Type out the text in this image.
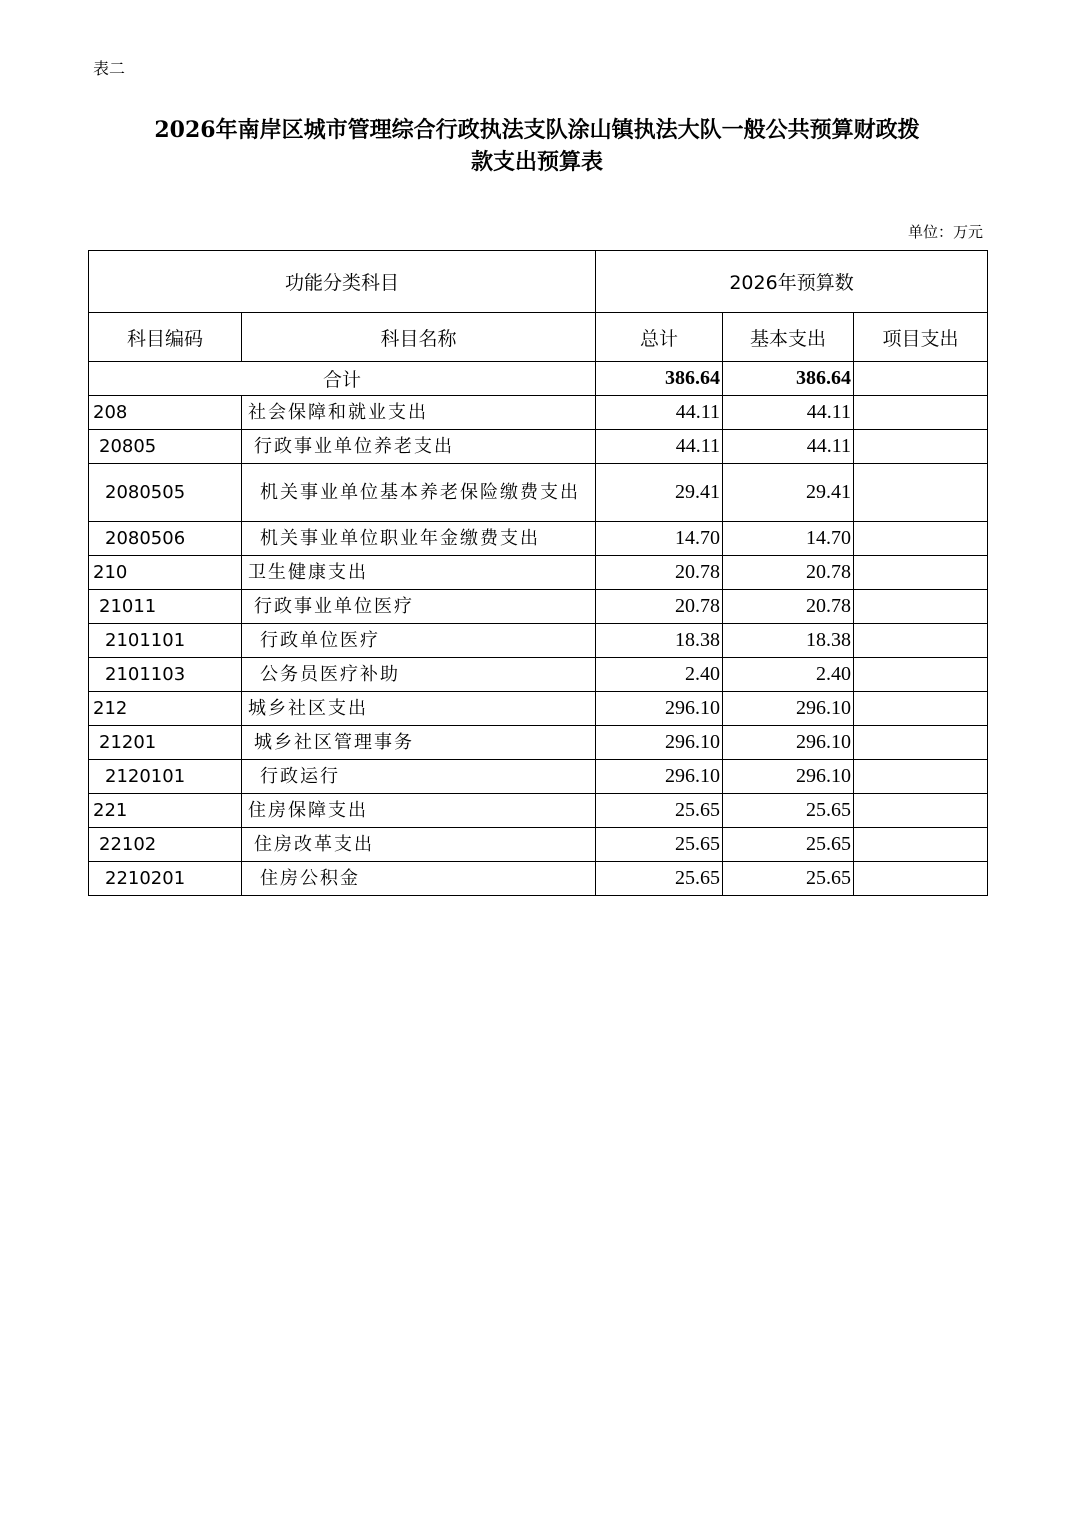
表二
2026年南岸区城市管理综合行政执法支队涂山镇执法大队一般公共预算财政拨
款支出预算表
单位：万元
功能分类科目		2026年预算数		
科目编码	科目名称	总计	基本支出	项目支出
合计		386.64	386.64	
208	社会保障和就业支出	44.11	44.11	
20805	行政事业单位养老支出	44.11	44.11	
2080505	机关事业单位基本养老保险缴费支出	29.41	29.41	
2080506	机关事业单位职业年金缴费支出	14.70	14.70	
210	卫生健康支出	20.78	20.78	
21011	行政事业单位医疗	20.78	20.78	
2101101	行政单位医疗	18.38	18.38	
2101103	公务员医疗补助	2.40	2.40	
212	城乡社区支出	296.10	296.10	
21201	城乡社区管理事务	296.10	296.10	
2120101	行政运行	296.10	296.10	
221	住房保障支出	25.65	25.65	
22102	住房改革支出	25.65	25.65	
2210201	住房公积金	25.65	25.65	
